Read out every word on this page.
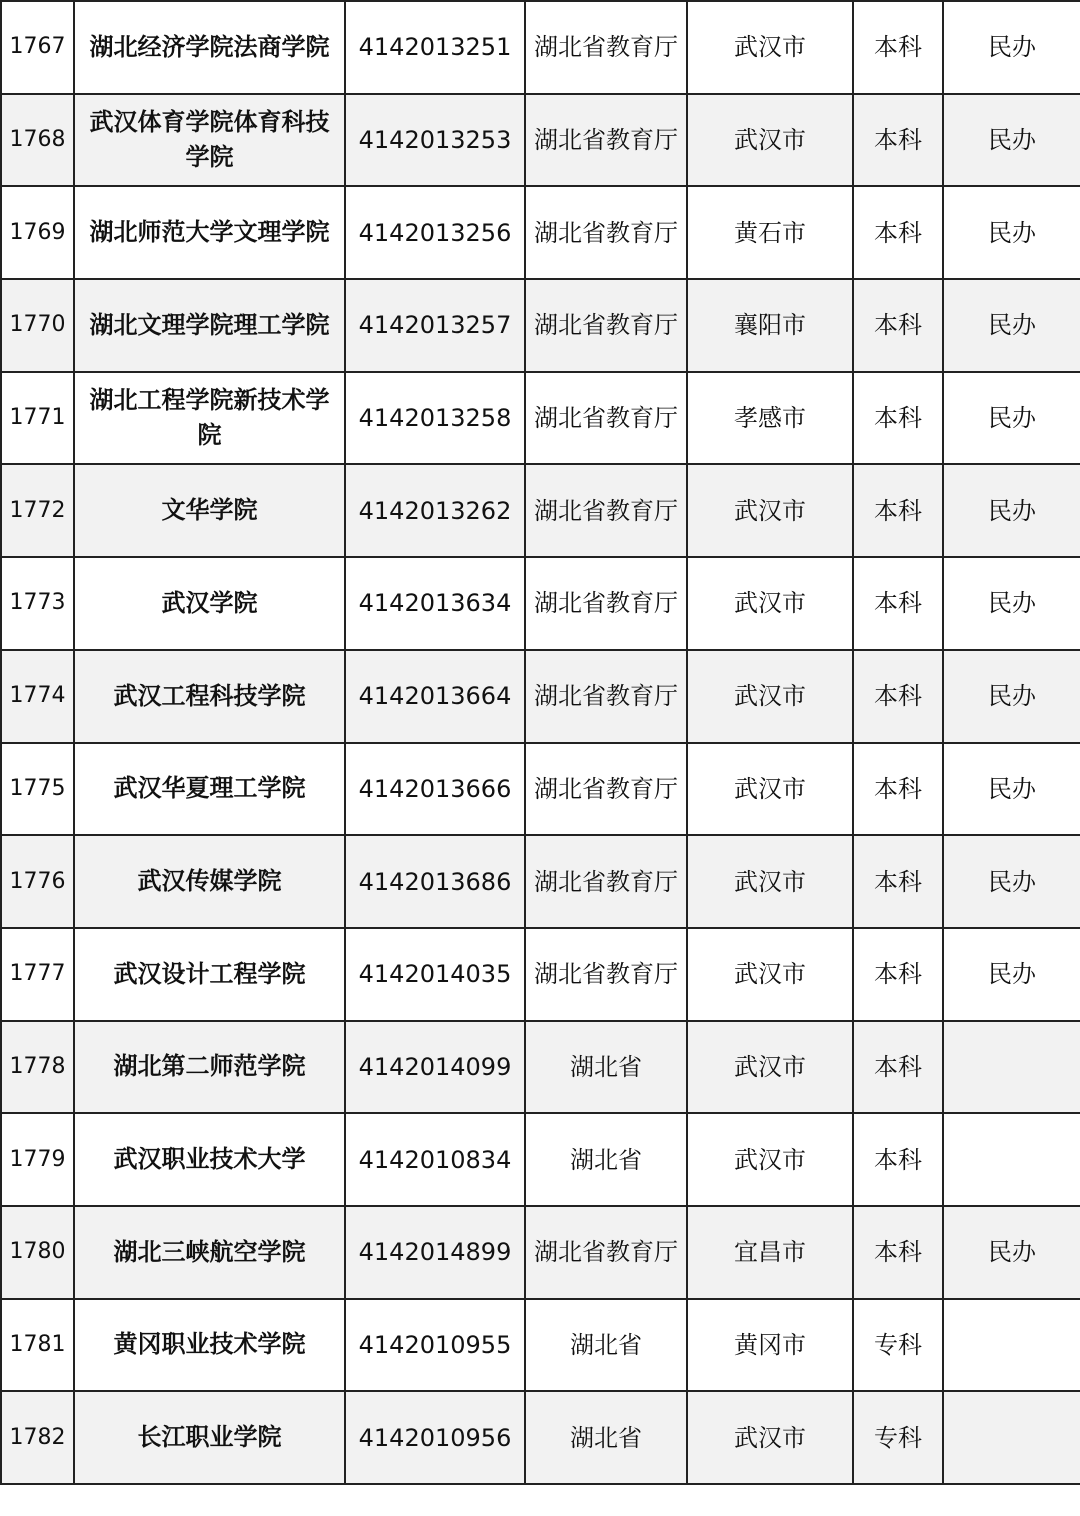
1767	湖北经济学院法商学院	4142013251	湖北省教育厅	武汉市	本科	民办
1768	武汉体育学院体育科技学院	4142013253	湖北省教育厅	武汉市	本科	民办
1769	湖北师范大学文理学院	4142013256	湖北省教育厅	黄石市	本科	民办
1770	湖北文理学院理工学院	4142013257	湖北省教育厅	襄阳市	本科	民办
1771	湖北工程学院新技术学院	4142013258	湖北省教育厅	孝感市	本科	民办
1772	文华学院	4142013262	湖北省教育厅	武汉市	本科	民办
1773	武汉学院	4142013634	湖北省教育厅	武汉市	本科	民办
1774	武汉工程科技学院	4142013664	湖北省教育厅	武汉市	本科	民办
1775	武汉华夏理工学院	4142013666	湖北省教育厅	武汉市	本科	民办
1776	武汉传媒学院	4142013686	湖北省教育厅	武汉市	本科	民办
1777	武汉设计工程学院	4142014035	湖北省教育厅	武汉市	本科	民办
1778	湖北第二师范学院	4142014099	湖北省	武汉市	本科	
1779	武汉职业技术大学	4142010834	湖北省	武汉市	本科	
1780	湖北三峡航空学院	4142014899	湖北省教育厅	宜昌市	本科	民办
1781	黄冈职业技术学院	4142010955	湖北省	黄冈市	专科	
1782	长江职业学院	4142010956	湖北省	武汉市	专科	
